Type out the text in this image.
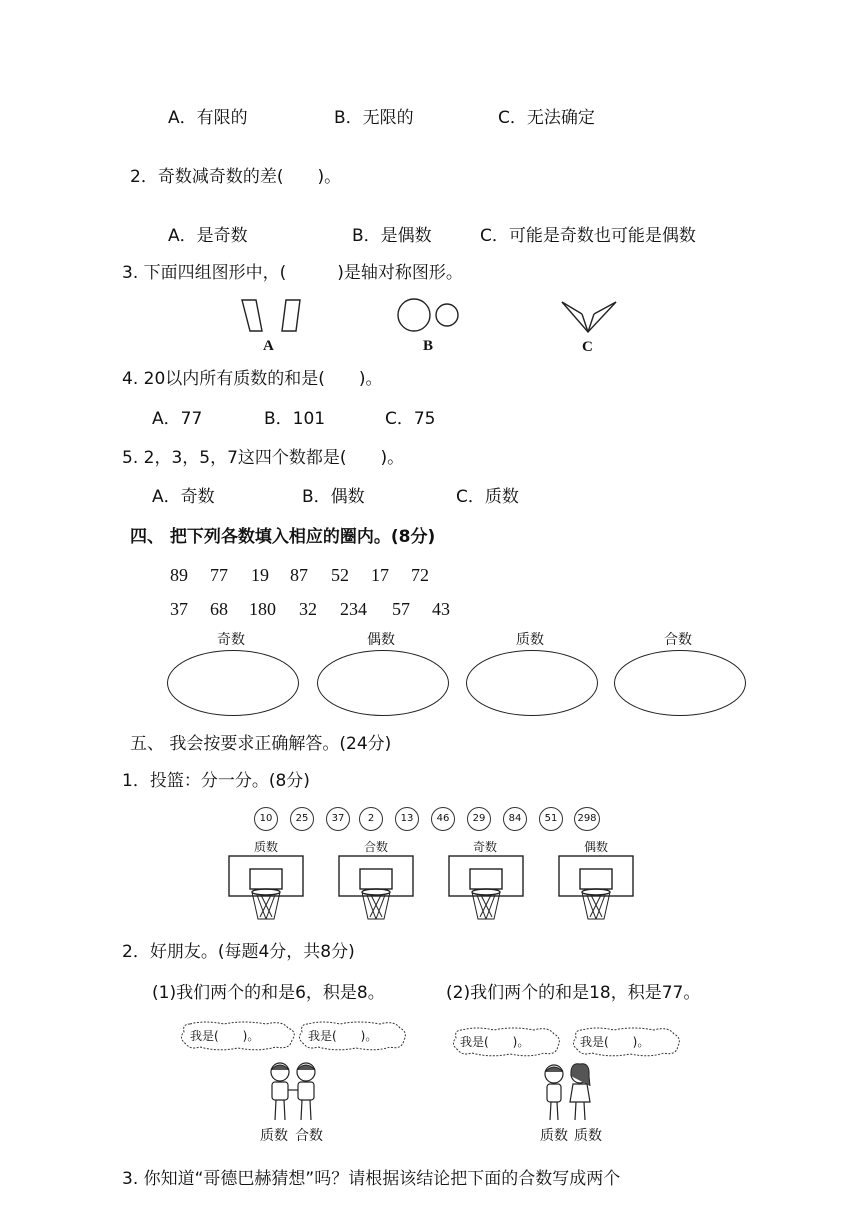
A．有限的	B．无限的	C．无法确定
2．奇数减奇数的差(　　)。
A．是奇数	B．是偶数	C．可能是奇数也可能是偶数
3. 下面四组图形中，(　　　)是轴对称图形。
A	B	C
4. 20以内所有质数的和是(　　)。
A．77	B．101	C．75
5. 2，3，5，7这四个数都是(　　)。
A．奇数	B．偶数	C．质数
四、 把下列各数填入相应的圈内。(8分)
89 77 19 87 52 17 72
37 68 180 32 234 57 43
奇数	偶数	质数	合数
五、 我会按要求正确解答。(24分)
1．投篮：分一分。(8分)
10	25	37	2	13	46	29	84	51	298
质数	合数	奇数	偶数
2．好朋友。(每题4分，共8分)
(1)我们两个的和是6，积是8。	(2)我们两个的和是18，积是77。
我是(　　)。	我是(　　)。	我是(　　)。	我是(　　)。
质数 合数	质数 质数
3. 你知道“哥德巴赫猜想”吗？请根据该结论把下面的合数写成两个
